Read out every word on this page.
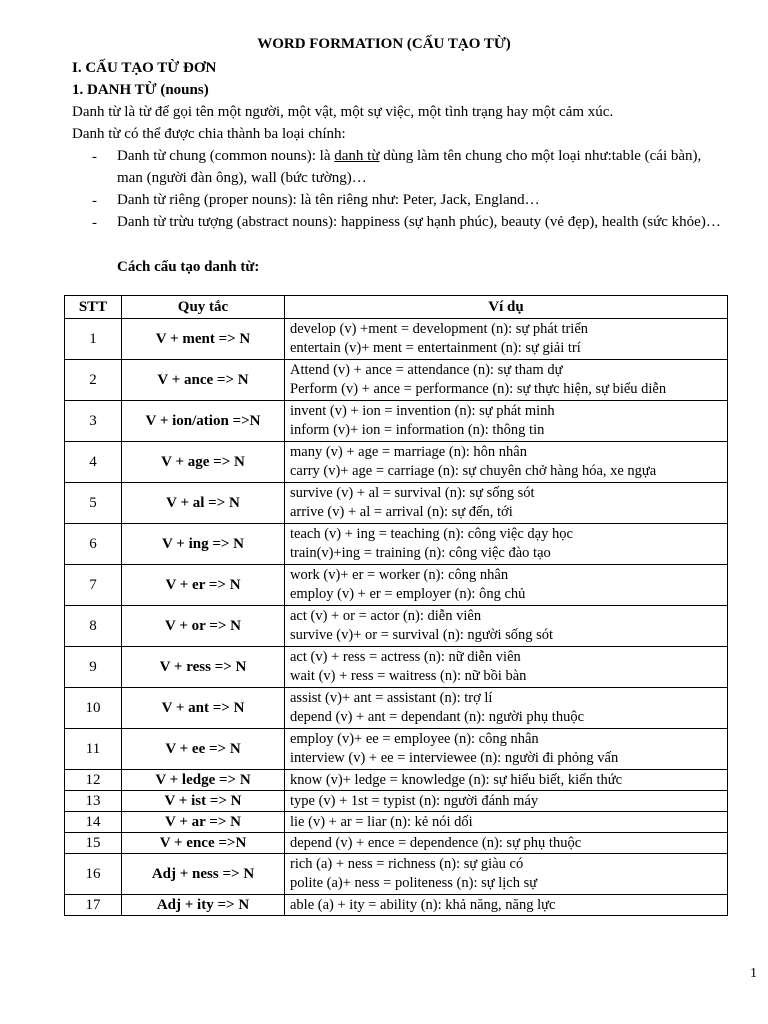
WORD FORMATION (CẤU TẠO TỪ)
I. CẤU TẠO TỪ ĐƠN
1. DANH TỪ (nouns)
Danh từ là từ để gọi tên một người, một vật, một sự việc, một tình trạng hay một cảm xúc.
Danh từ có thể được chia thành ba loại chính:
- Danh từ chung (common nouns): là danh từ dùng làm tên chung cho một loại như:table (cái bàn), man (người đàn ông), wall (bức tường)…
- Danh từ riêng (proper nouns): là tên riêng như: Peter, Jack, England…
- Danh từ trừu tượng (abstract nouns): happiness (sự hạnh phúc), beauty (vẻ đẹp), health (sức khỏe)…
Cách cấu tạo danh từ:
STT	Quy tắc	Ví dụ
1	V + ment => N	develop (v) +ment = development (n): sự phát triển
entertain (v)+ ment = entertainment (n): sự giải trí

2	V + ance => N	Attend (v) + ance = attendance (n): sự tham dự
Perform (v) + ance = performance (n): sự thực hiện, sự biểu diễn

3	V + ion/ation =>N	invent (v) + ion = invention (n): sự phát minh
inform (v)+ ion = information (n): thông tin

4	V + age => N	many (v) + age = marriage (n): hôn nhân
carry (v)+ age = carriage (n): sự chuyên chở hàng hóa, xe ngựa

5	V + al => N	survive (v) + al = survival (n): sự sống sót
arrive (v) + al = arrival (n): sự đến, tới

6	V + ing => N	teach (v) + ing = teaching (n): công việc dạy học
train(v)+ing = training (n): công việc đào tạo

7	V + er => N	work (v)+ er = worker (n): công nhân
employ (v) + er = employer (n): ông chủ

8	V + or => N	act (v) + or = actor (n): diễn viên
survive (v)+ or = survival (n): người sống sót

9	V + ress => N	act (v) + ress = actress (n): nữ diễn viên
wait (v) + ress = waitress (n): nữ bồi bàn

10	V + ant => N	assist (v)+ ant = assistant (n): trợ lí
depend (v) + ant = dependant (n): người phụ thuộc

11	V + ee => N	employ (v)+ ee = employee (n): công nhân
interview (v) + ee = interviewee (n): người đi phỏng vấn

12	V + ledge => N	know (v)+ ledge = knowledge (n): sự hiểu biết, kiến thức

13	V + ist => N	type (v) + 1st = typist (n): người đánh máy

14	V + ar => N	lie (v) + ar = liar (n): kẻ nói dối

15	V + ence =>N	depend (v) + ence = dependence (n): sự phụ thuộc

16	Adj + ness => N	rich (a) + ness = richness (n): sự giàu có
polite (a)+ ness = politeness (n): sự lịch sự

17	Adj + ity => N	able (a) + ity = ability (n): khả năng, năng lực
1
